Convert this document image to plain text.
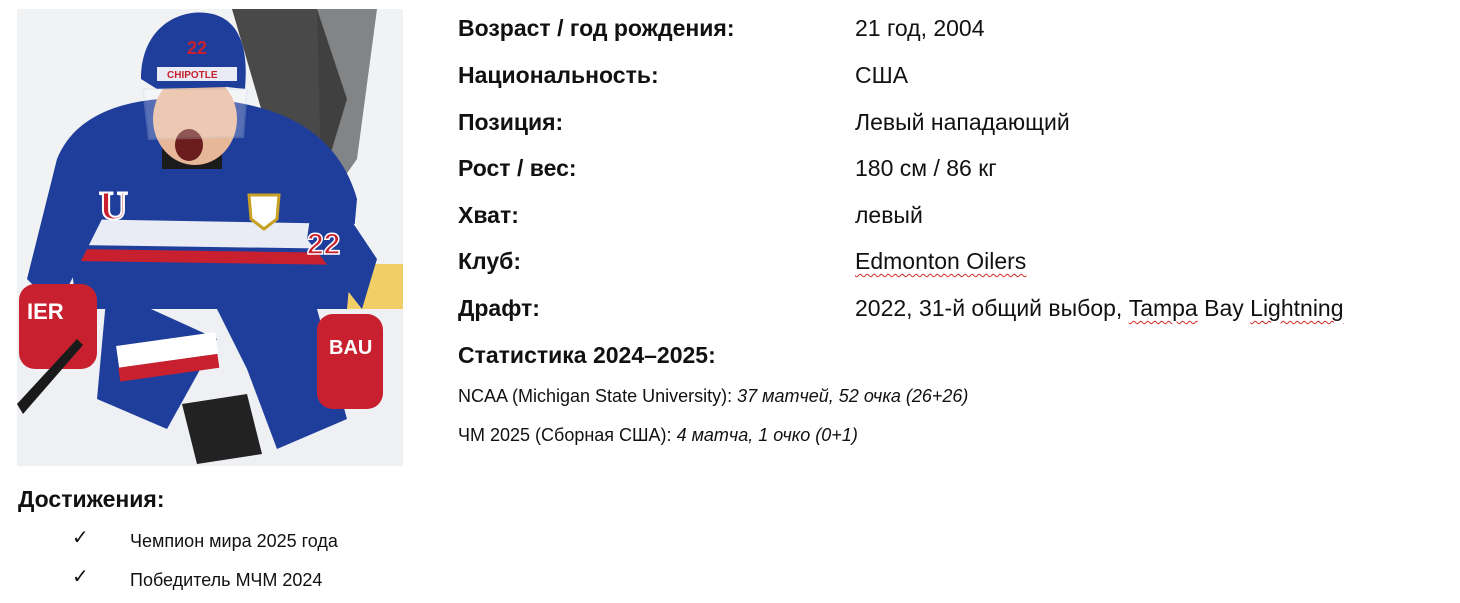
IER
BAU
U
22
CHIPOTLE
22
Возраст / год рождения:	21 год, 2004
Национальность:	США
Позиция:	Левый нападающий
Рост / вес:	180 см / 86 кг
Хват:	левый
Клуб:	Edmonton Oilers
Драфт:	2022, 31-й общий выбор, Tampa Bay Lightning
Статистика 2024–2025:
NCAA (Michigan State University): 37 матчей, 52 очка (26+26)
ЧМ 2025 (Сборная США): 4 матча, 1 очко (0+1)
Достижения:
✓ Чемпион мира 2025 года
✓ Победитель МЧМ 2024
